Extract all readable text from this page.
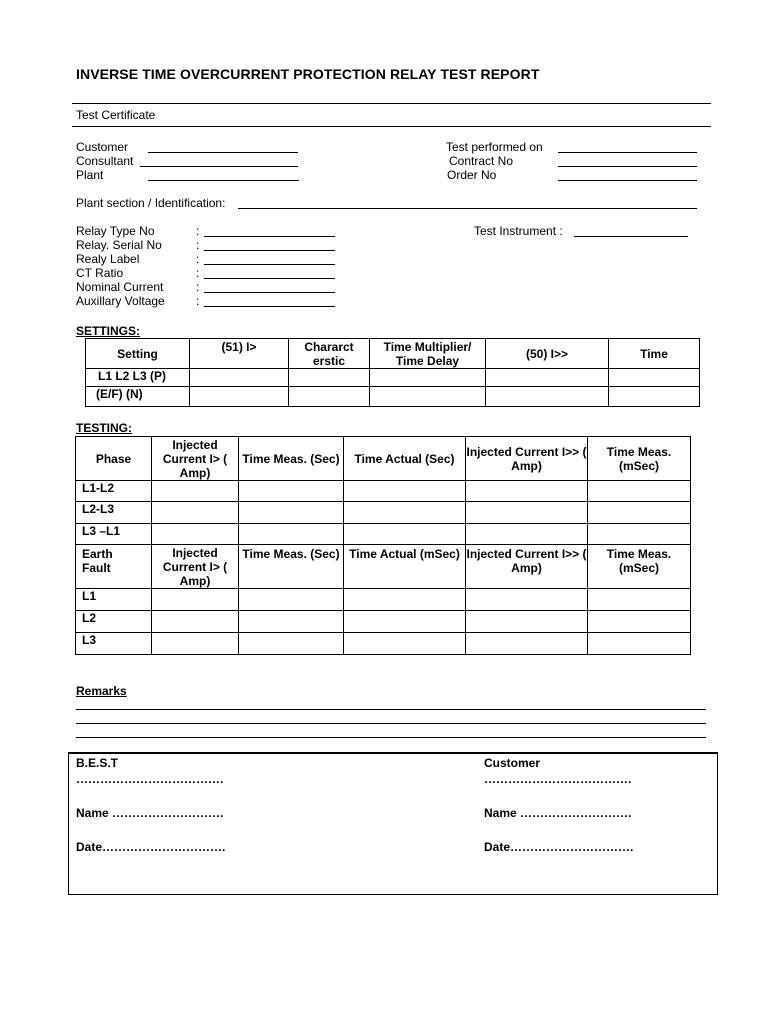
INVERSE TIME OVERCURRENT PROTECTION RELAY TEST REPORT
Test Certificate
Customer
Consultant
Plant
Test performed on
Contract No
Order No
Plant section / Identification:
Relay Type No
Relay. Serial No
Realy Label
CT Ratio
Nominal Current
Auxillary Voltage
:
:
:
:
:
:
Test Instrument :
SETTINGS:
Setting	(51) I>	Chararct erstic	Time Multiplier/ Time Delay	(50) I>>	Time
L1 L2 L3 (P)					
(E/F) (N)					
TESTING:
Phase	Injected Current I> ( Amp)	Time Meas. (Sec)	Time Actual (Sec)	Injected Current I>> ( Amp)	Time Meas. (mSec)
L1-L2					
L2-L3					
L3 –L1					
Earth Fault	Injected Current I> ( Amp)	Time Meas. (Sec)	Time Actual (mSec)	Injected Current I>> ( Amp)	Time Meas. (mSec)
L1					
L2					
L3					
Remarks
B.E.S.T
……………………………….
Name ……………………….
Date………………………….
Customer
……………………………….
Name ……………………….
Date………………………….
